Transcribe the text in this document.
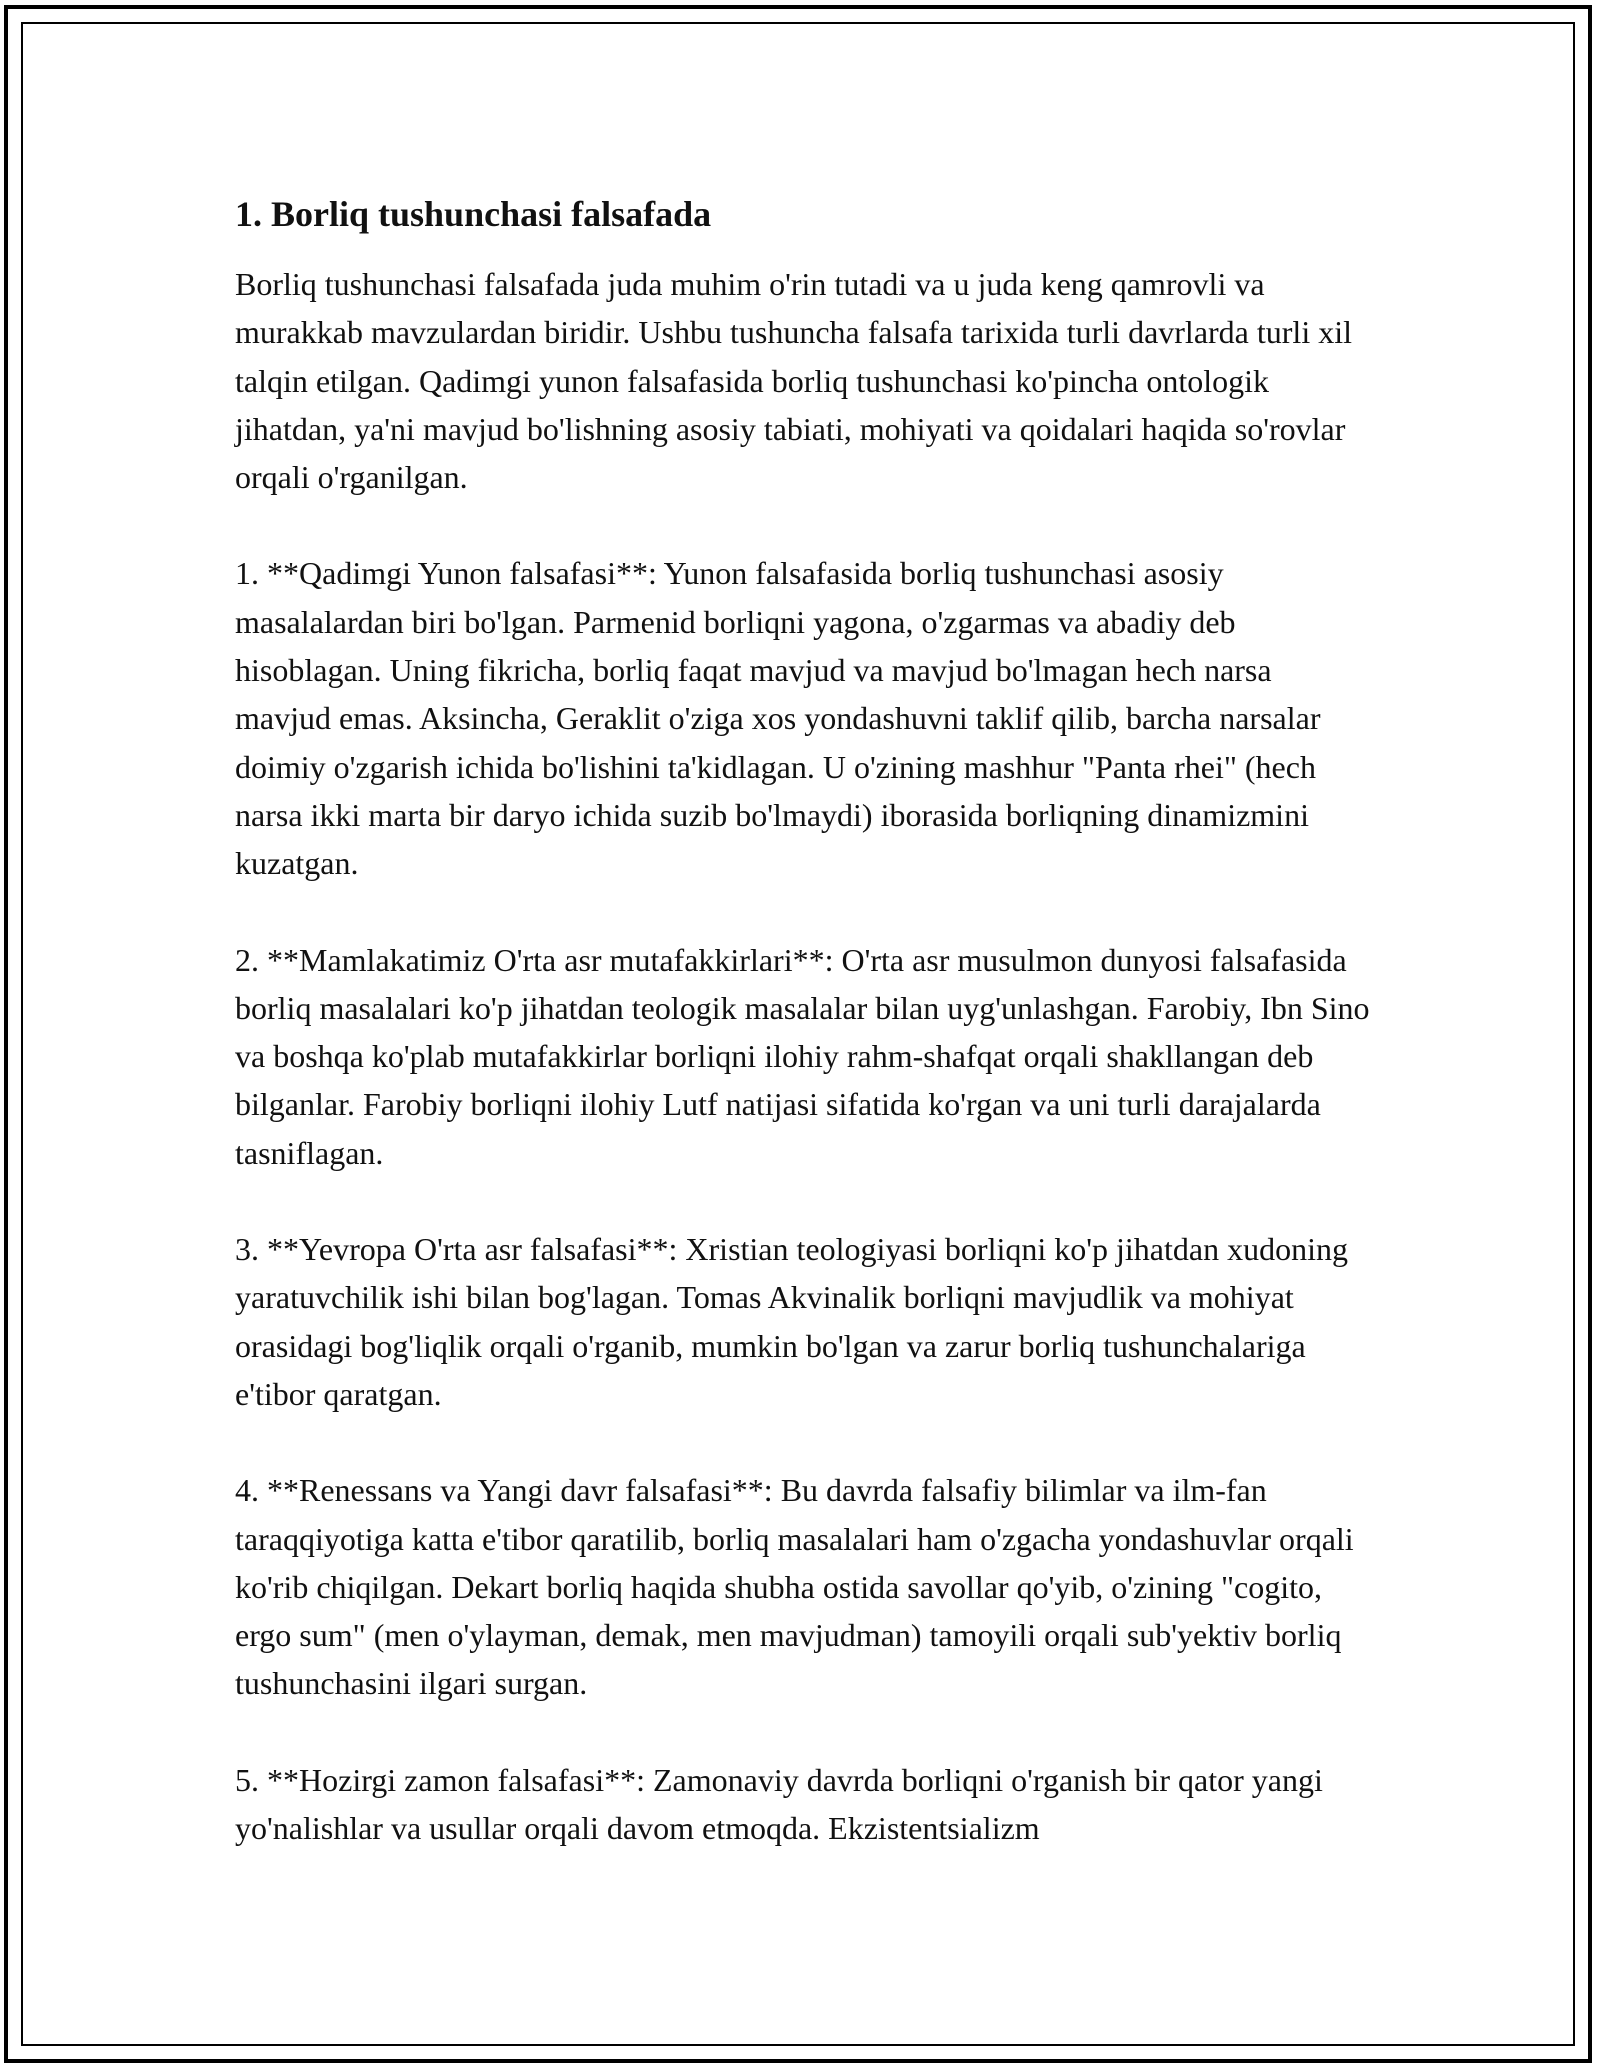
1. Borliq tushunchasi falsafada

Borliq tushunchasi falsafada juda muhim o'rin tutadi va u juda keng qamrovli va murakkab mavzulardan biridir. Ushbu tushuncha falsafa tarixida turli davrlarda turli xil talqin etilgan. Qadimgi yunon falsafasida borliq tushunchasi ko'pincha ontologik jihatdan, ya'ni mavjud bo'lishning asosiy tabiati, mohiyati va qoidalari haqida so'rovlar orqali o'rganilgan.

1. **Qadimgi Yunon falsafasi**: Yunon falsafasida borliq tushunchasi asosiy masalalardan biri bo'lgan. Parmenid borliqni yagona, o'zgarmas va abadiy deb hisoblagan. Uning fikricha, borliq faqat mavjud va mavjud bo'lmagan hech narsa mavjud emas. Aksincha, Geraklit o'ziga xos yondashuvni taklif qilib, barcha narsalar doimiy o'zgarish ichida bo'lishini ta'kidlagan. U o'zining mashhur "Panta rhei" (hech narsa ikki marta bir daryo ichida suzib bo'lmaydi) iborasida borliqning dinamizmini kuzatgan.

2. **Mamlakatimiz O'rta asr mutafakkirlari**: O'rta asr musulmon dunyosi falsafasida borliq masalalari ko'p jihatdan teologik masalalar bilan uyg'unlashgan. Farobiy, Ibn Sino va boshqa ko'plab mutafakkirlar borliqni ilohiy rahm-shafqat orqali shakllangan deb bilganlar. Farobiy borliqni ilohiy Lutf natijasi sifatida ko'rgan va uni turli darajalarda tasniflagan.

3. **Yevropa O'rta asr falsafasi**: Xristian teologiyasi borliqni ko'p jihatdan xudoning yaratuvchilik ishi bilan bog'lagan. Tomas Akvinalik borliqni mavjudlik va mohiyat orasidagi bog'liqlik orqali o'rganib, mumkin bo'lgan va zarur borliq tushunchalariga e'tibor qaratgan.

4. **Renessans va Yangi davr falsafasi**: Bu davrda falsafiy bilimlar va ilm-fan taraqqiyotiga katta e'tibor qaratilib, borliq masalalari ham o'zgacha yondashuvlar orqali ko'rib chiqilgan. Dekart borliq haqida shubha ostida savollar qo'yib, o'zining "cogito, ergo sum" (men o'ylayman, demak, men mavjudman) tamoyili orqali sub'yektiv borliq tushunchasini ilgari surgan.

5. **Hozirgi zamon falsafasi**: Zamonaviy davrda borliqni o'rganish bir qator yangi yo'nalishlar va usullar orqali davom etmoqda. Ekzistentsializm
